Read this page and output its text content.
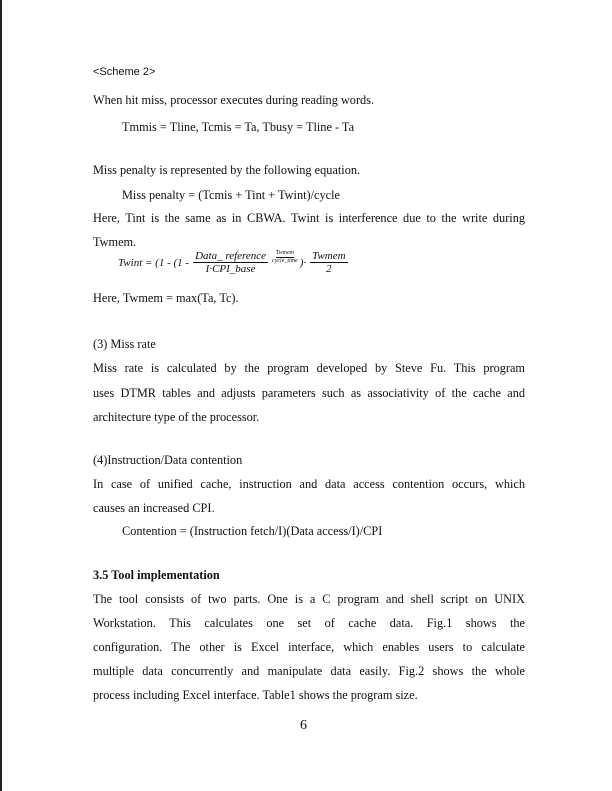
<Scheme 2>
When hit miss, processor executes during reading words.
Tmmis = Tline, Tcmis = Ta, Tbusy = Tline - Ta
Miss penalty is represented by the following equation.
Miss penalty = (Tcmis + Tint + Twint)/cycle
Here, Tint is the same as in CBWA. Twint is interference due to the write during
Twmem.
Twint = ($1 - (1 - \frac{\text{Data\_ reference}}{\text{I·CPI\_base}}$ Twmem
cycle_time )· $\frac{\text{Twmem}}{2}$
Here, Twmem = max(Ta, Tc).
(3) Miss rate
Miss rate is calculated by the program developed by Steve Fu. This program
uses DTMR tables and adjusts parameters such as associativity of the cache and
architecture type of the processor.
(4)Instruction/Data contention
In case of unified cache, instruction and data access contention occurs, which
causes an increased CPI.
Contention = (Instruction fetch/I)(Data access/I)/CPI
3.5 Tool implementation
The tool consists of two parts. One is a C program and shell script on UNIX
Workstation. This calculates one set of cache data. Fig.1 shows the
configuration. The other is Excel interface, which enables users to calculate
multiple data concurrently and manipulate data easily. Fig.2 shows the whole
process including Excel interface. Table1 shows the program size.
6
